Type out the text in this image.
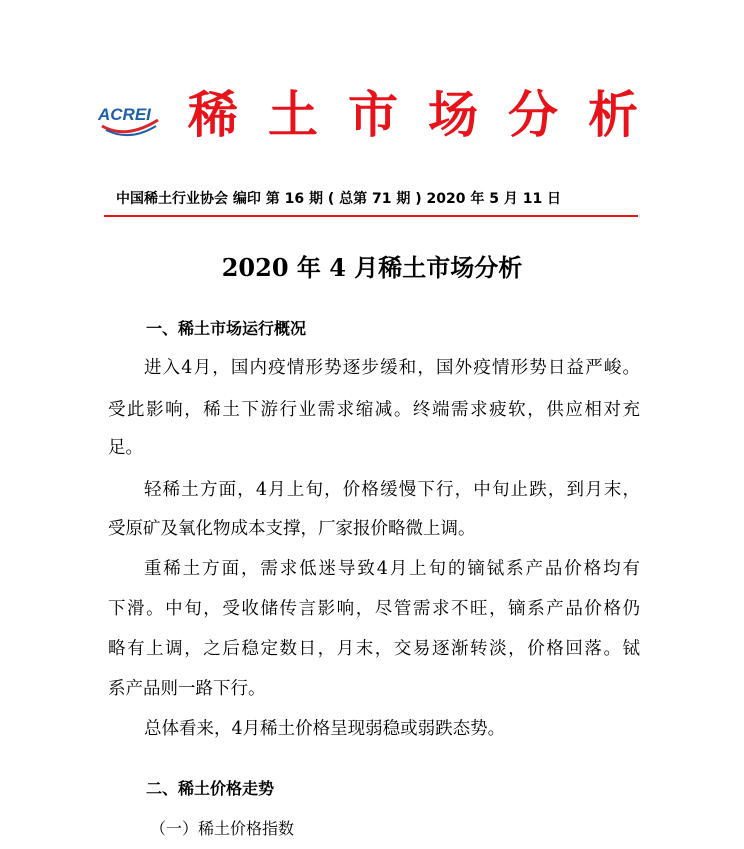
ACREI 稀土市场分析
中国稀土行业协会 编印 第 16 期 ( 总第 71 期 ) 2020 年 5 月 11 日
2020 年 4 月稀土市场分析
一、稀土市场运行概况
进入4月，国内疫情形势逐步缓和，国外疫情形势日益严峻。
受此影响，稀土下游行业需求缩减。终端需求疲软，供应相对充
足。
轻稀土方面，4月上旬，价格缓慢下行，中旬止跌，到月末，
受原矿及氧化物成本支撑，厂家报价略微上调。
重稀土方面，需求低迷导致4月上旬的镝铽系产品价格均有
下滑。中旬，受收储传言影响，尽管需求不旺，镝系产品价格仍
略有上调，之后稳定数日，月末，交易逐渐转淡，价格回落。铽
系产品则一路下行。
总体看来，4月稀土价格呈现弱稳或弱跌态势。
二、稀土价格走势
（一）稀土价格指数
